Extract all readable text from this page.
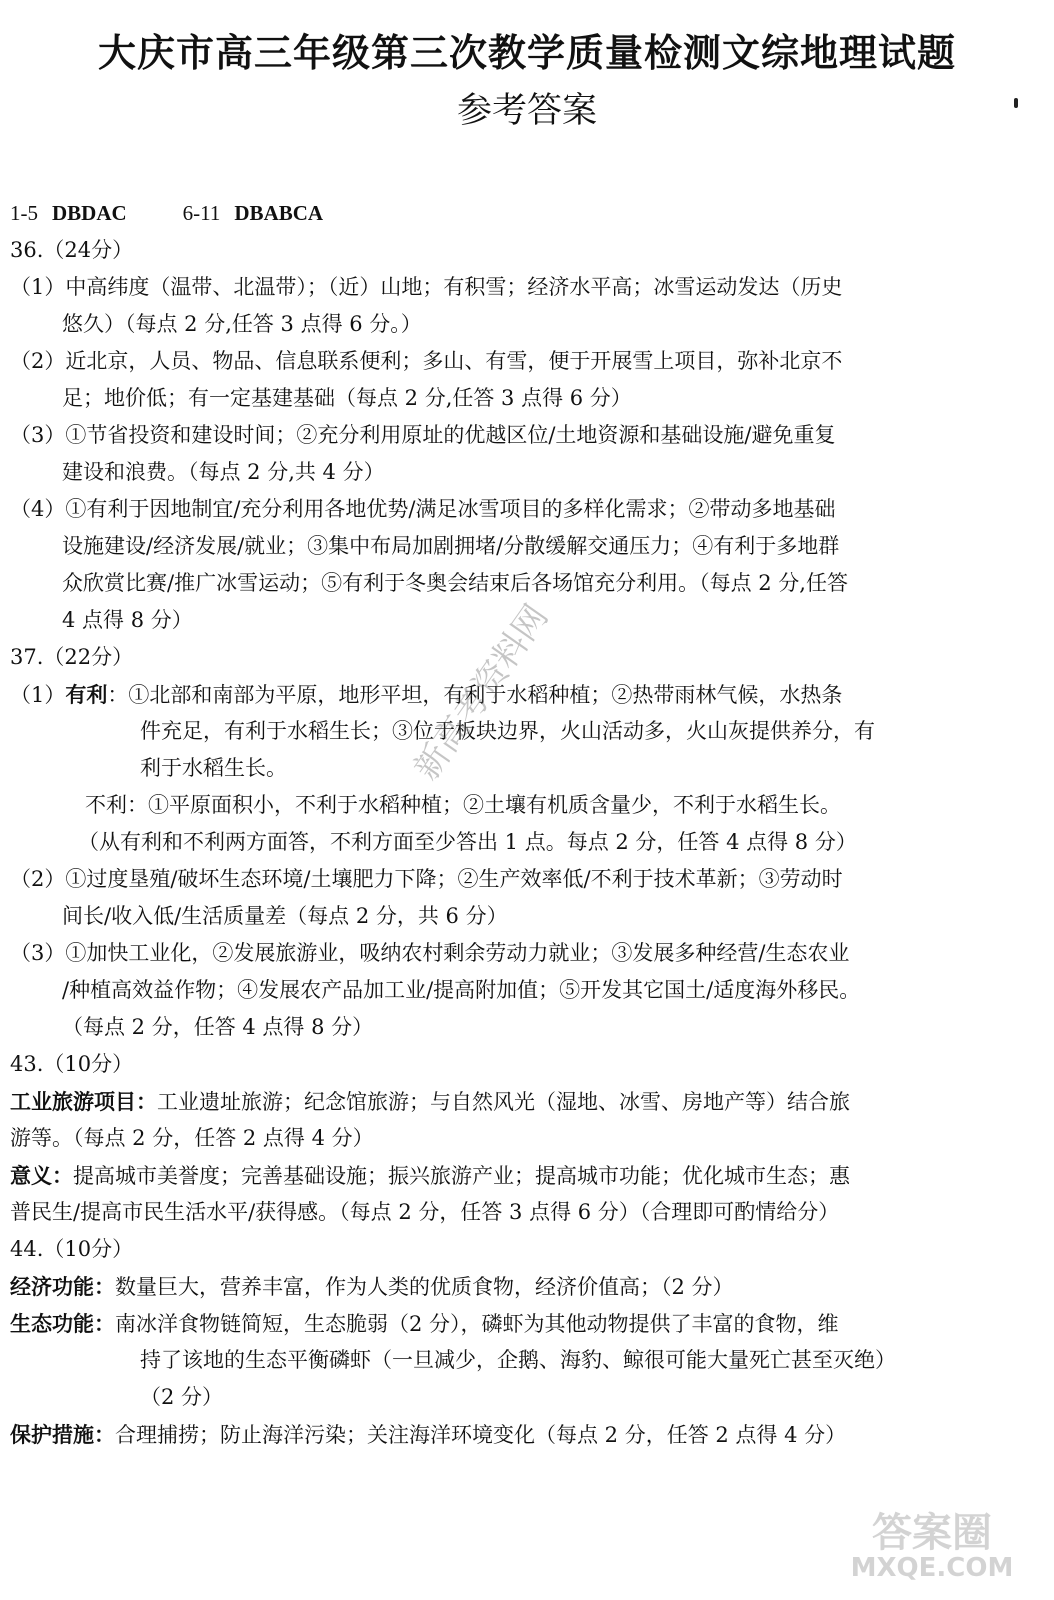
大庆市高三年级第三次教学质量检测文综地理试题
参考答案
1-5 DBDAC	6-11 DBABCA
36.（24分）
（1）中高纬度（温带、北温带）；（近）山地；有积雪；经济水平高；冰雪运动发达（历史
悠久）（每点 2 分,任答 3 点得 6 分。）
（2）近北京，人员、物品、信息联系便利；多山、有雪，便于开展雪上项目，弥补北京不
足；地价低；有一定基建基础（每点 2 分,任答 3 点得 6 分）
（3）①节省投资和建设时间；②充分利用原址的优越区位/土地资源和基础设施/避免重复
建设和浪费。（每点 2 分,共 4 分）
（4）①有利于因地制宜/充分利用各地优势/满足冰雪项目的多样化需求；②带动多地基础
设施建设/经济发展/就业；③集中布局加剧拥堵/分散缓解交通压力；④有利于多地群
众欣赏比赛/推广冰雪运动；⑤有利于冬奥会结束后各场馆充分利用。（每点 2 分,任答
4 点得 8 分）
37.（22分）
（1）有利：①北部和南部为平原，地形平坦，有利于水稻种植；②热带雨林气候，水热条
件充足，有利于水稻生长；③位于板块边界，火山活动多，火山灰提供养分，有
利于水稻生长。
不利：①平原面积小，不利于水稻种植；②土壤有机质含量少，不利于水稻生长。
（从有利和不利两方面答，不利方面至少答出 1 点。每点 2 分，任答 4 点得 8 分）
（2）①过度垦殖/破坏生态环境/土壤肥力下降；②生产效率低/不利于技术革新；③劳动时
间长/收入低/生活质量差（每点 2 分，共 6 分）
（3）①加快工业化，②发展旅游业，吸纳农村剩余劳动力就业；③发展多种经营/生态农业
/种植高效益作物；④发展农产品加工业/提高附加值；⑤开发其它国土/适度海外移民。
（每点 2 分，任答 4 点得 8 分）
43.（10分）
工业旅游项目：工业遗址旅游；纪念馆旅游；与自然风光（湿地、冰雪、房地产等）结合旅
游等。（每点 2 分，任答 2 点得 4 分）
意义：提高城市美誉度；完善基础设施；振兴旅游产业；提高城市功能；优化城市生态；惠
普民生/提高市民生活水平/获得感。（每点 2 分，任答 3 点得 6 分）（合理即可酌情给分）
44.（10分）
经济功能：数量巨大，营养丰富，作为人类的优质食物，经济价值高；（2 分）
生态功能：南冰洋食物链简短，生态脆弱（2 分），磷虾为其他动物提供了丰富的食物，维
持了该地的生态平衡磷虾（一旦减少，企鹅、海豹、鲸很可能大量死亡甚至灭绝）
（2 分）
保护措施：合理捕捞；防止海洋污染；关注海洋环境变化（每点 2 分，任答 2 点得 4 分）
新高考资料网
答案圈
MXQE.COM
